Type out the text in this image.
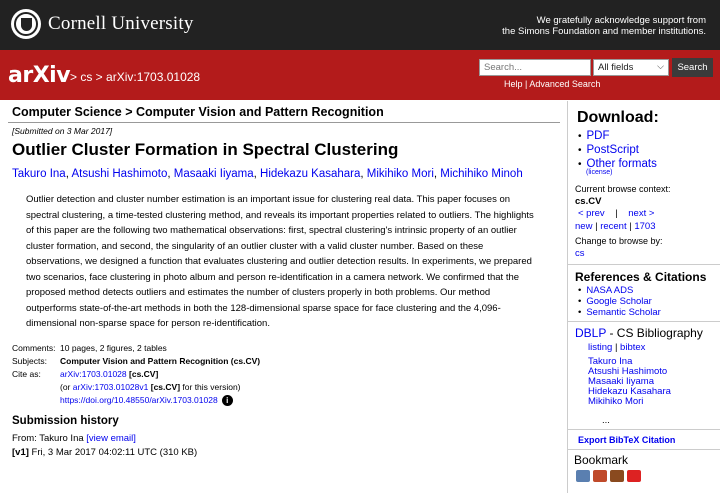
Cornell University	We gratefully acknowledge support from
the Simons Foundation and member institutions.
arXiv > cs > arXiv:1703.01028
Search...	All fields	⌵	Search
Help | Advanced Search
Computer Science > Computer Vision and Pattern Recognition
[Submitted on 3 Mar 2017]
Outlier Cluster Formation in Spectral Clustering
Takuro Ina, Atsushi Hashimoto, Masaaki Iiyama, Hidekazu Kasahara, Mikihiko Mori, Michihiko Minoh
Outlier detection and cluster number estimation is an important issue for clustering real data. This paper focuses on spectral clustering, a time-tested clustering method, and reveals its important properties related to outliers. The highlights of this paper are the following two mathematical observations: first, spectral clustering's intrinsic property of an outlier cluster formation, and second, the singularity of an outlier cluster with a valid cluster number. Based on these observations, we designed a function that evaluates clustering and outlier detection results. In experiments, we prepared two scenarios, face clustering in photo album and person re-identification in a camera network. We confirmed that the proposed method detects outliers and estimates the number of clusters properly in both problems. Our method outperforms state-of-the-art methods in both the 128-dimensional sparse space for face clustering and the 4,096-dimensional non-sparse space for person re-identification.
Comments: 10 pages, 2 figures, 2 tables
Subjects:	Computer Vision and Pattern Recognition (cs.CV)
Cite as:	arXiv:1703.01028 [cs.CV]
(or arXiv:1703.01028v1 [cs.CV] for this version)
https://doi.org/10.48550/arXiv.1703.01028 i
Submission history
From: Takuro Ina [view email]
[v1] Fri, 3 Mar 2017 04:02:11 UTC (310 KB)
Download:
• PDF
• PostScript
• Other formats
(license)
Current browse context:
cs.CV
< prev | next >
new | recent | 1703
Change to browse by:
cs
References & Citations
• NASA ADS
• Google Scholar
• Semantic Scholar
DBLP - CS Bibliography
listing | bibtex
Takuro Ina
Atsushi Hashimoto
Masaaki Iiyama
Hidekazu Kasahara
Mikihiko Mori
...
Export BibTeX Citation
Bookmark
